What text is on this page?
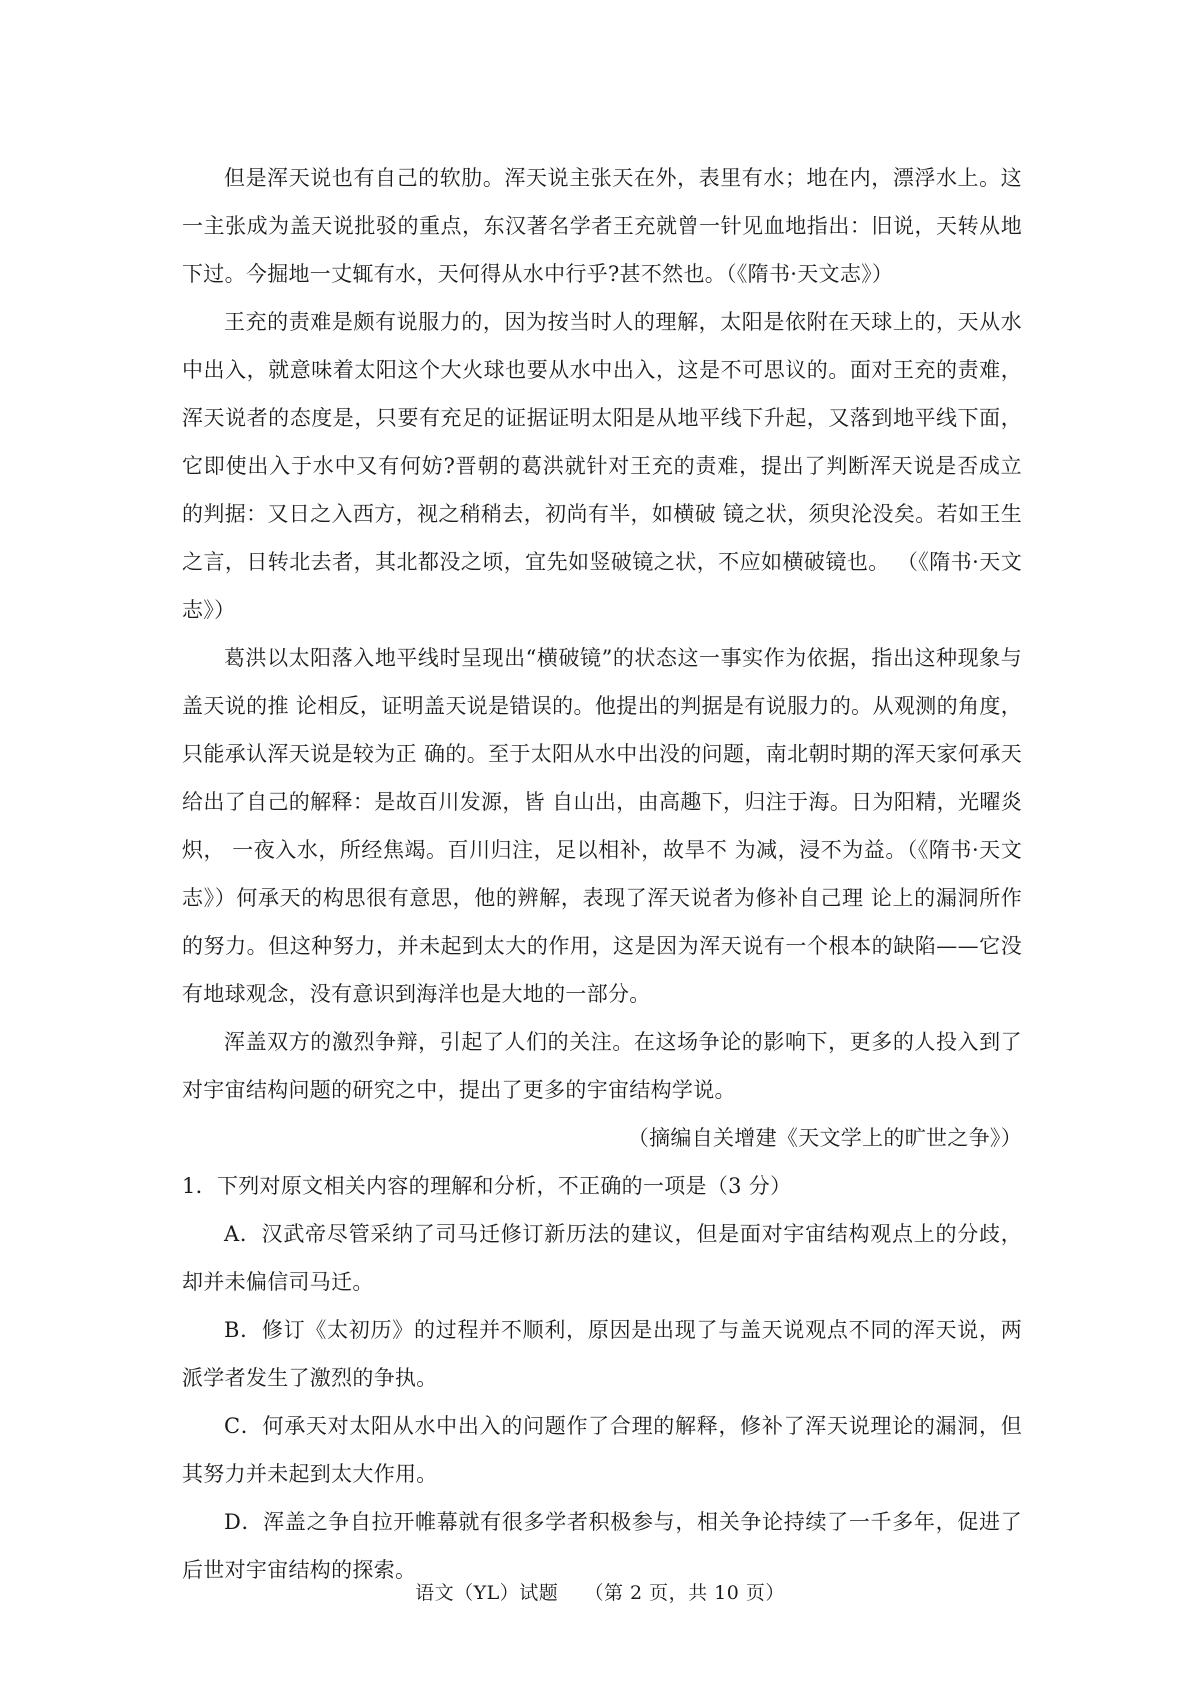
但是浑天说也有自己的软肋。浑天说主张天在外，表里有水；地在内，漂浮水上。这一主张成为盖天说批驳的重点，东汉著名学者王充就曾一针见血地指出：旧说，天转从地下过。今掘地一丈辄有水，天何得从水中行乎?甚不然也。（《隋书·天文志》）

王充的责难是颇有说服力的，因为按当时人的理解，太阳是依附在天球上的，天从水中出入，就意味着太阳这个大火球也要从水中出入，这是不可思议的。面对王充的责难，浑天说者的态度是，只要有充足的证据证明太阳是从地平线下升起，又落到地平线下面，它即使出入于水中又有何妨?晋朝的葛洪就针对王充的责难，提出了判断浑天说是否成立的判据：又日之入西方，视之稍稍去，初尚有半，如横破 镜之状，须臾沦没矣。若如王生之言，日转北去者，其北都没之顷，宜先如竖破镜之状，不应如横破镜也。 （《隋书·天文志》）

葛洪以太阳落入地平线时呈现出“横破镜”的状态这一事实作为依据，指出这种现象与盖天说的推 论相反，证明盖天说是错误的。他提出的判据是有说服力的。从观测的角度，只能承认浑天说是较为正 确的。至于太阳从水中出没的问题，南北朝时期的浑天家何承天给出了自己的解释：是故百川发源，皆 自山出，由高趣下，归注于海。日为阳精，光曜炎炽， 一夜入水，所经焦竭。百川归注，足以相补，故旱不 为减，浸不为益。（《隋书·天文志》）何承天的构思很有意思，他的辨解，表现了浑天说者为修补自己理 论上的漏洞所作的努力。但这种努力，并未起到太大的作用，这是因为浑天说有一个根本的缺陷——它没有地球观念，没有意识到海洋也是大地的一部分。

浑盖双方的激烈争辩，引起了人们的关注。在这场争论的影响下，更多的人投入到了对宇宙结构问题的研究之中，提出了更多的宇宙结构学说。

（摘编自关增建《天文学上的旷世之争》）

1．下列对原文相关内容的理解和分析，不正确的一项是（3 分）

A．汉武帝尽管采纳了司马迁修订新历法的建议，但是面对宇宙结构观点上的分歧，却并未偏信司马迁。

B．修订《太初历》的过程并不顺利，原因是出现了与盖天说观点不同的浑天说，两派学者发生了激烈的争执。

C．何承天对太阳从水中出入的问题作了合理的解释，修补了浑天说理论的漏洞，但其努力并未起到太大作用。

D．浑盖之争自拉开帷幕就有很多学者积极参与，相关争论持续了一千多年，促进了后世对宇宙结构的探索。

语文（YL）试题 （第 2 页，共 10 页）
